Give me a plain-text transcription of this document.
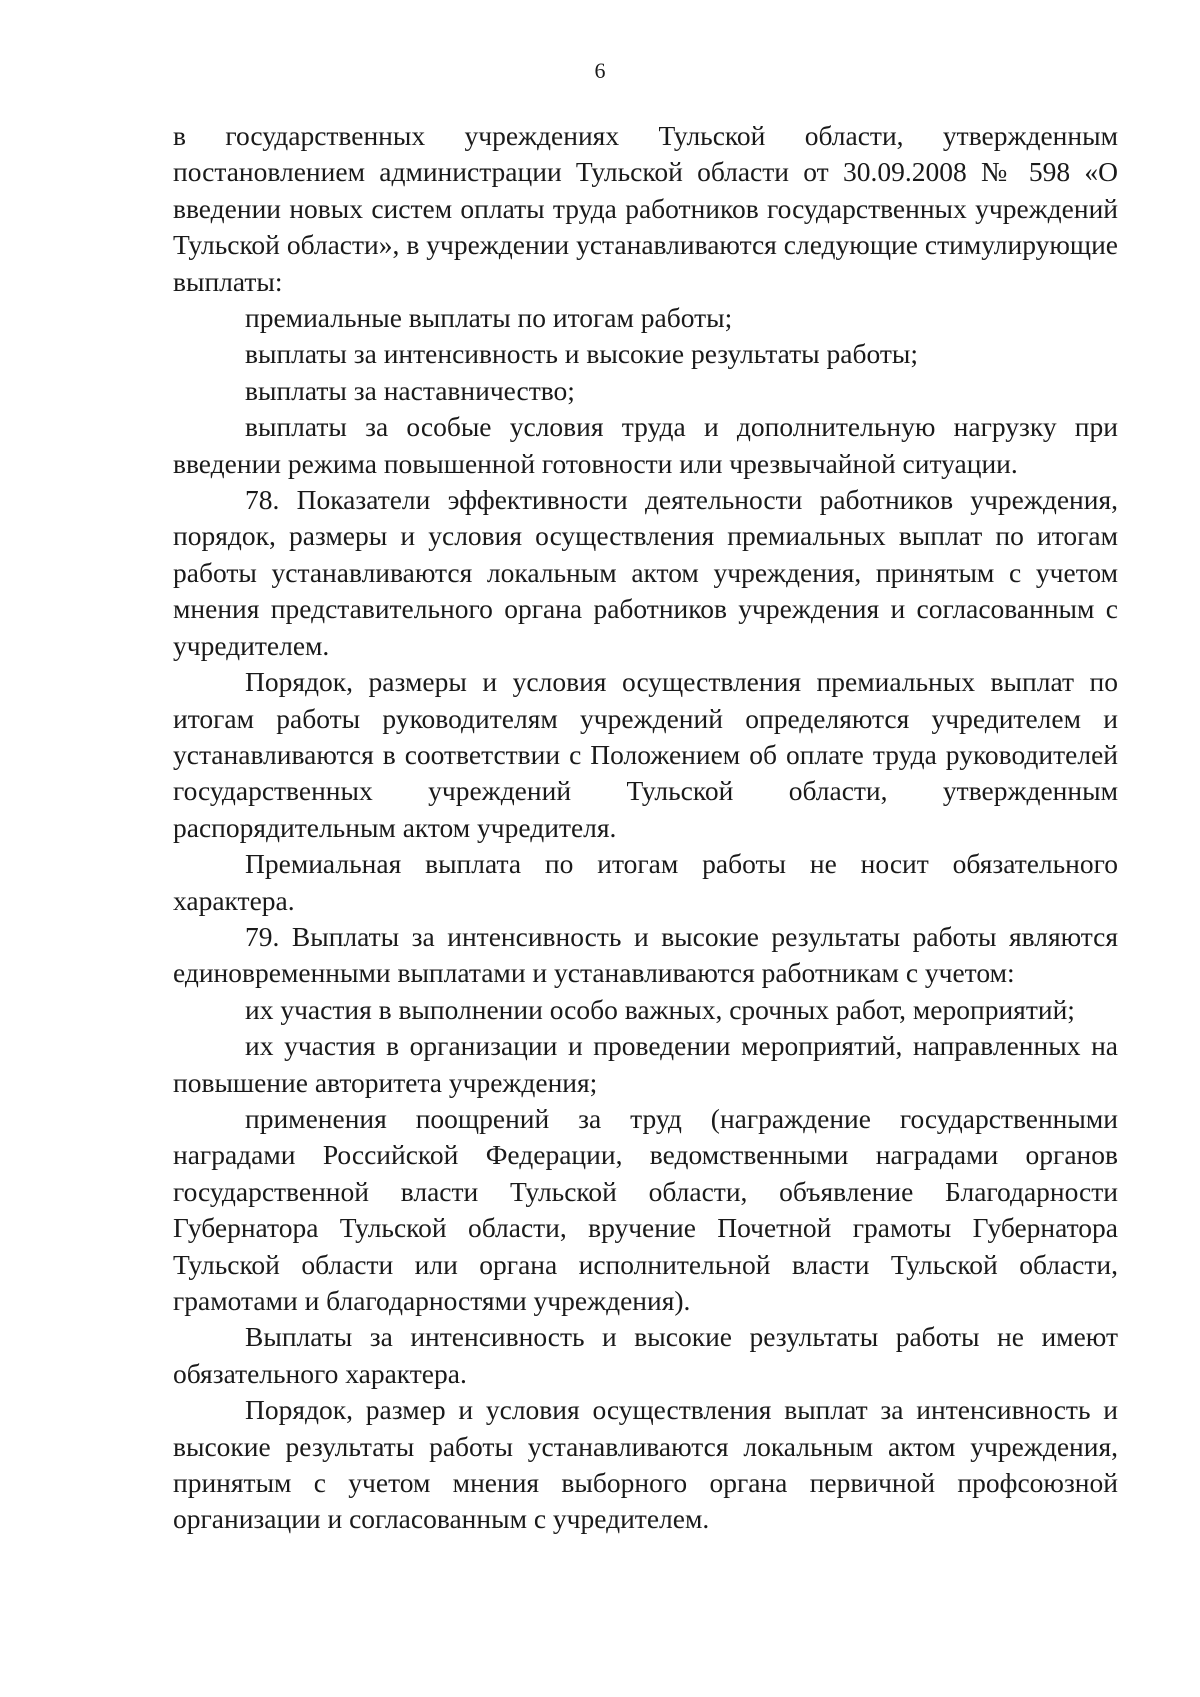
6

в государственных учреждениях Тульской области, утвержденным постановлением администрации Тульской области от 30.09.2008 № 598 «О введении новых систем оплаты труда работников государственных учреждений Тульской области», в учреждении устанавливаются следующие стимулирующие выплаты:

премиальные выплаты по итогам работы;

выплаты за интенсивность и высокие результаты работы;

выплаты за наставничество;

выплаты за особые условия труда и дополнительную нагрузку при введении режима повышенной готовности или чрезвычайной ситуации.

78. Показатели эффективности деятельности работников учреждения, порядок, размеры и условия осуществления премиальных выплат по итогам работы устанавливаются локальным актом учреждения, принятым с учетом мнения представительного органа работников учреждения и согласованным с учредителем.

Порядок, размеры и условия осуществления премиальных выплат по итогам работы руководителям учреждений определяются учредителем и устанавливаются в соответствии с Положением об оплате труда руководителей государственных учреждений Тульской области, утвержденным распорядительным актом учредителя.

Премиальная выплата по итогам работы не носит обязательного характера.

79. Выплаты за интенсивность и высокие результаты работы являются единовременными выплатами и устанавливаются работникам с учетом:

их участия в выполнении особо важных, срочных работ, мероприятий;

их участия в организации и проведении мероприятий, направленных на повышение авторитета учреждения;

применения поощрений за труд (награждение государственными наградами Российской Федерации, ведомственными наградами органов государственной власти Тульской области, объявление Благодарности Губернатора Тульской области, вручение Почетной грамоты Губернатора Тульской области или органа исполнительной власти Тульской области, грамотами и благодарностями учреждения).

Выплаты за интенсивность и высокие результаты работы не имеют обязательного характера.

Порядок, размер и условия осуществления выплат за интенсивность и высокие результаты работы устанавливаются локальным актом учреждения, принятым с учетом мнения выборного органа первичной профсоюзной организации и согласованным с учредителем.
